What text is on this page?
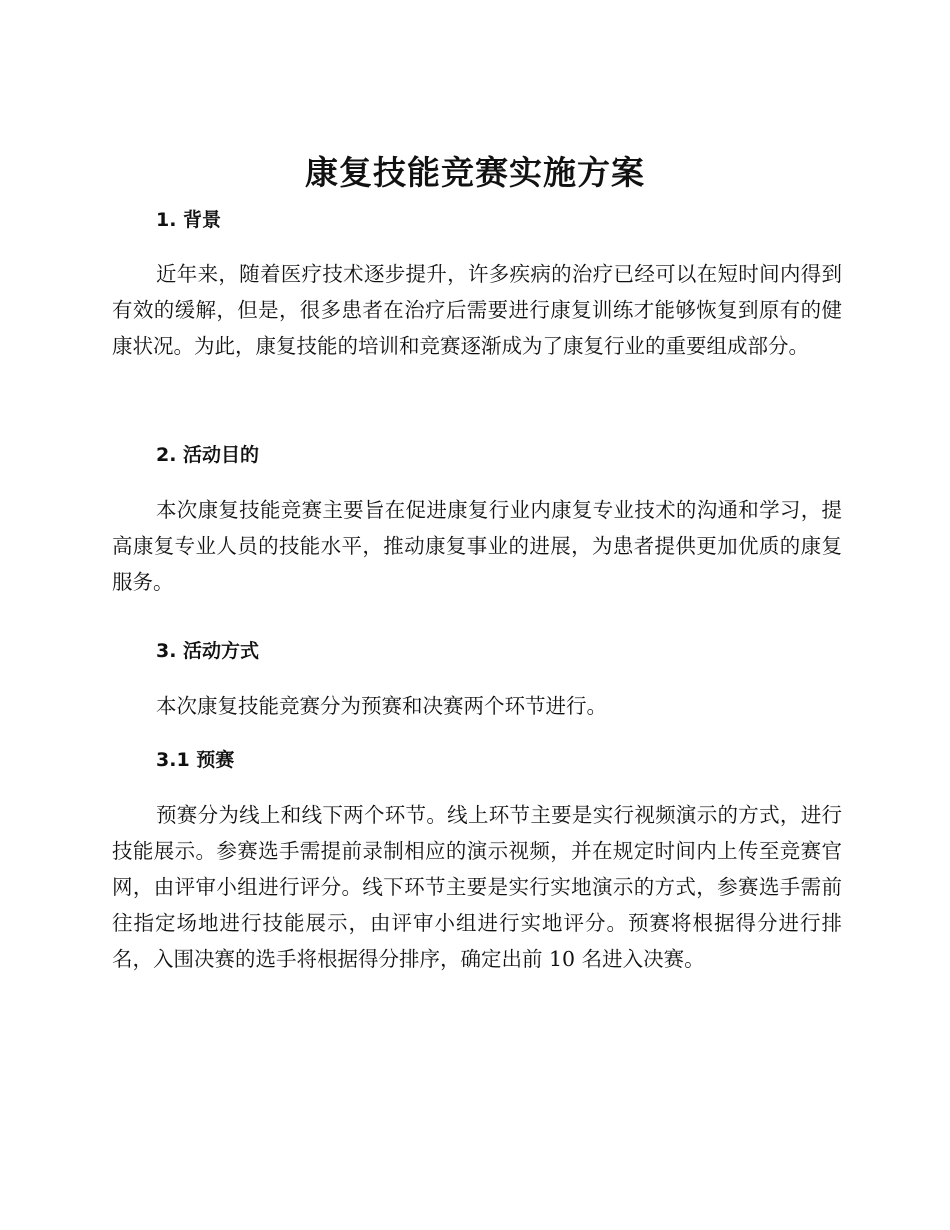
康复技能竞赛实施方案
1. 背景

近年来，随着医疗技术逐步提升，许多疾病的治疗已经可以在短时间内得到有效的缓解，但是，很多患者在治疗后需要进行康复训练才能够恢复到原有的健康状况。为此，康复技能的培训和竞赛逐渐成为了康复行业的重要组成部分。

2. 活动目的

本次康复技能竞赛主要旨在促进康复行业内康复专业技术的沟通和学习，提高康复专业人员的技能水平，推动康复事业的进展，为患者提供更加优质的康复服务。

3. 活动方式

本次康复技能竞赛分为预赛和决赛两个环节进行。

3.1 预赛

预赛分为线上和线下两个环节。线上环节主要是实行视频演示的方式，进行技能展示。参赛选手需提前录制相应的演示视频，并在规定时间内上传至竞赛官网，由评审小组进行评分。线下环节主要是实行实地演示的方式，参赛选手需前往指定场地进行技能展示，由评审小组进行实地评分。预赛将根据得分进行排名，入围决赛的选手将根据得分排序，确定出前 10 名进入决赛。
